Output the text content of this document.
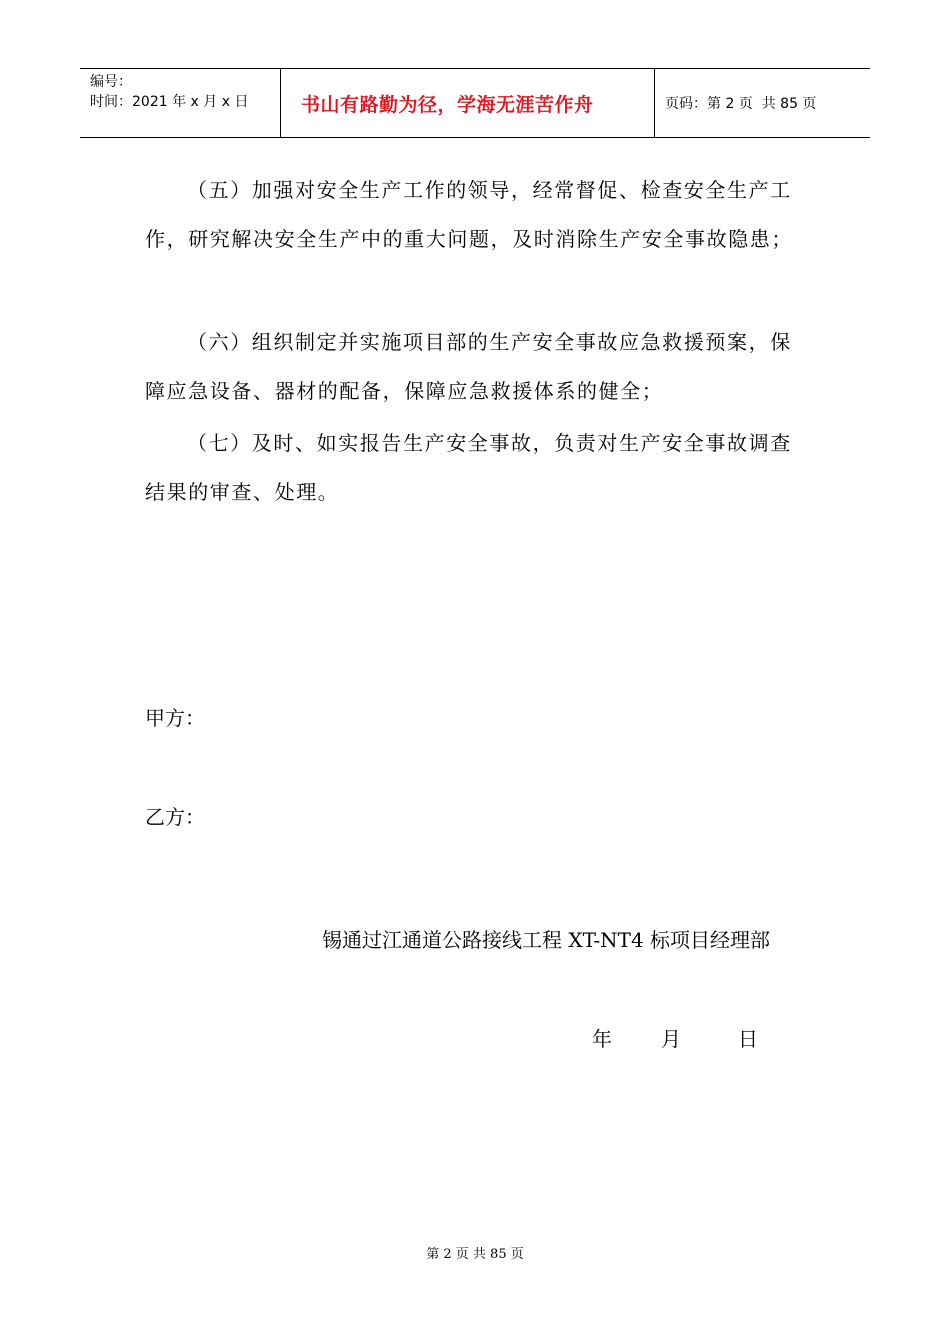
编号：
时间：2021 年 x 月 x 日	书山有路勤为径，学海无涯苦作舟	页码：第 2 页  共 85 页

（五）加强对安全生产工作的领导，经常督促、检查安全生产工作，研究解决安全生产中的重大问题，及时消除生产安全事故隐患；

（六）组织制定并实施项目部的生产安全事故应急救援预案，保障应急设备、器材的配备，保障应急救援体系的健全；

（七）及时、如实报告生产安全事故，负责对生产安全事故调查结果的审查、处理。

甲方：
乙方：
锡通过江通道公路接线工程 XT-NT4 标项目经理部
年 月	日
第 2 页 共 85 页
